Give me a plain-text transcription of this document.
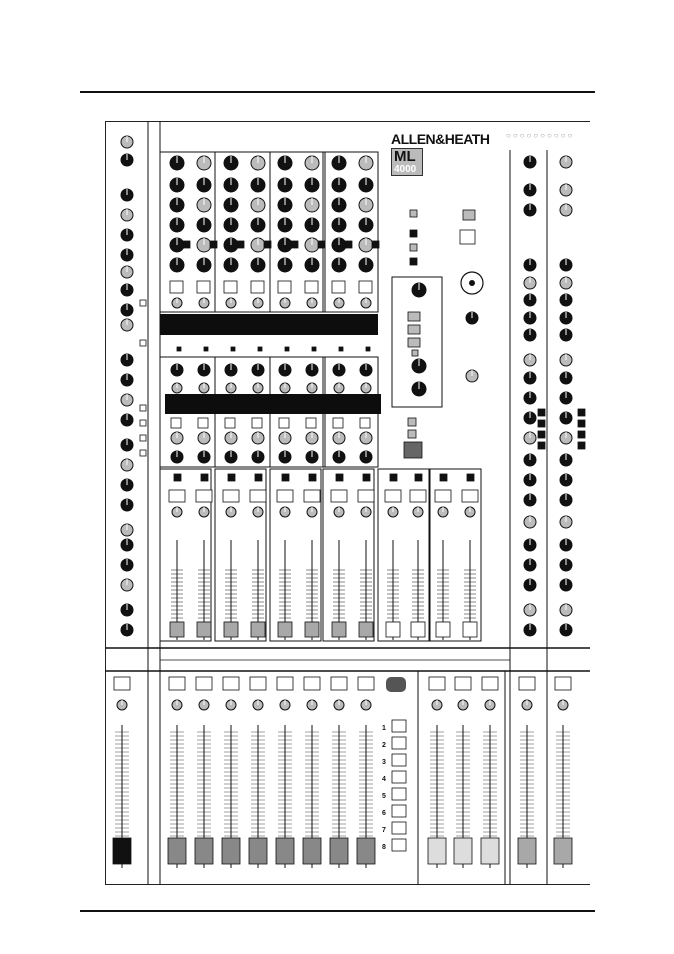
ALLEN&HEATH
ML
4000
○○○○○○○○○○
1
2
3
4
5
6
7
8
